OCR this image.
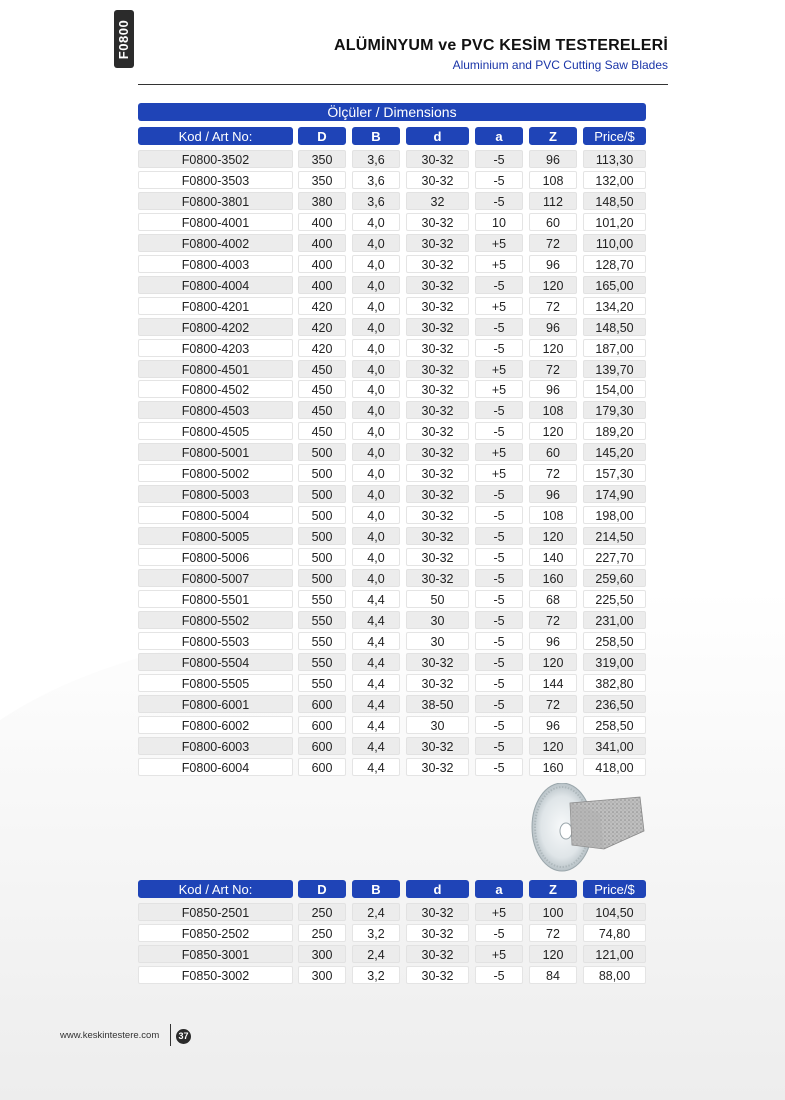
F0800	ALÜMİNYUM ve PVC KESİM TESTERELERİ
Aluminium and PVC Cutting Saw Blades
Ölçüler / Dimensions
Kod / Art No:	D	B	d	a	Z	Price/$
F0800-3502	350	3,6	30-32	-5	96	113,30
F0800-3503	350	3,6	30-32	-5	108	132,00
F0800-3801	380	3,6	32	-5	112	148,50
F0800-4001	400	4,0	30-32	10	60	101,20
F0800-4002	400	4,0	30-32	+5	72	110,00
F0800-4003	400	4,0	30-32	+5	96	128,70
F0800-4004	400	4,0	30-32	-5	120	165,00
F0800-4201	420	4,0	30-32	+5	72	134,20
F0800-4202	420	4,0	30-32	-5	96	148,50
F0800-4203	420	4,0	30-32	-5	120	187,00
F0800-4501	450	4,0	30-32	+5	72	139,70
F0800-4502	450	4,0	30-32	+5	96	154,00
F0800-4503	450	4,0	30-32	-5	108	179,30
F0800-4505	450	4,0	30-32	-5	120	189,20
F0800-5001	500	4,0	30-32	+5	60	145,20
F0800-5002	500	4,0	30-32	+5	72	157,30
F0800-5003	500	4,0	30-32	-5	96	174,90
F0800-5004	500	4,0	30-32	-5	108	198,00
F0800-5005	500	4,0	30-32	-5	120	214,50
F0800-5006	500	4,0	30-32	-5	140	227,70
F0800-5007	500	4,0	30-32	-5	160	259,60
F0800-5501	550	4,4	50	-5	68	225,50
F0800-5502	550	4,4	30	-5	72	231,00
F0800-5503	550	4,4	30	-5	96	258,50
F0800-5504	550	4,4	30-32	-5	120	319,00
F0800-5505	550	4,4	30-32	-5	144	382,80
F0800-6001	600	4,4	38-50	-5	72	236,50
F0800-6002	600	4,4	30	-5	96	258,50
F0800-6003	600	4,4	30-32	-5	120	341,00
F0800-6004	600	4,4	30-32	-5	160	418,00
Kod / Art No:	D	B	d	a	Z	Price/$
F0850-2501	250	2,4	30-32	+5	100	104,50
F0850-2502	250	3,2	30-32	-5	72	74,80
F0850-3001	300	2,4	30-32	+5	120	121,00
F0850-3002	300	3,2	30-32	-5	84	88,00
www.keskintestere.com 37
